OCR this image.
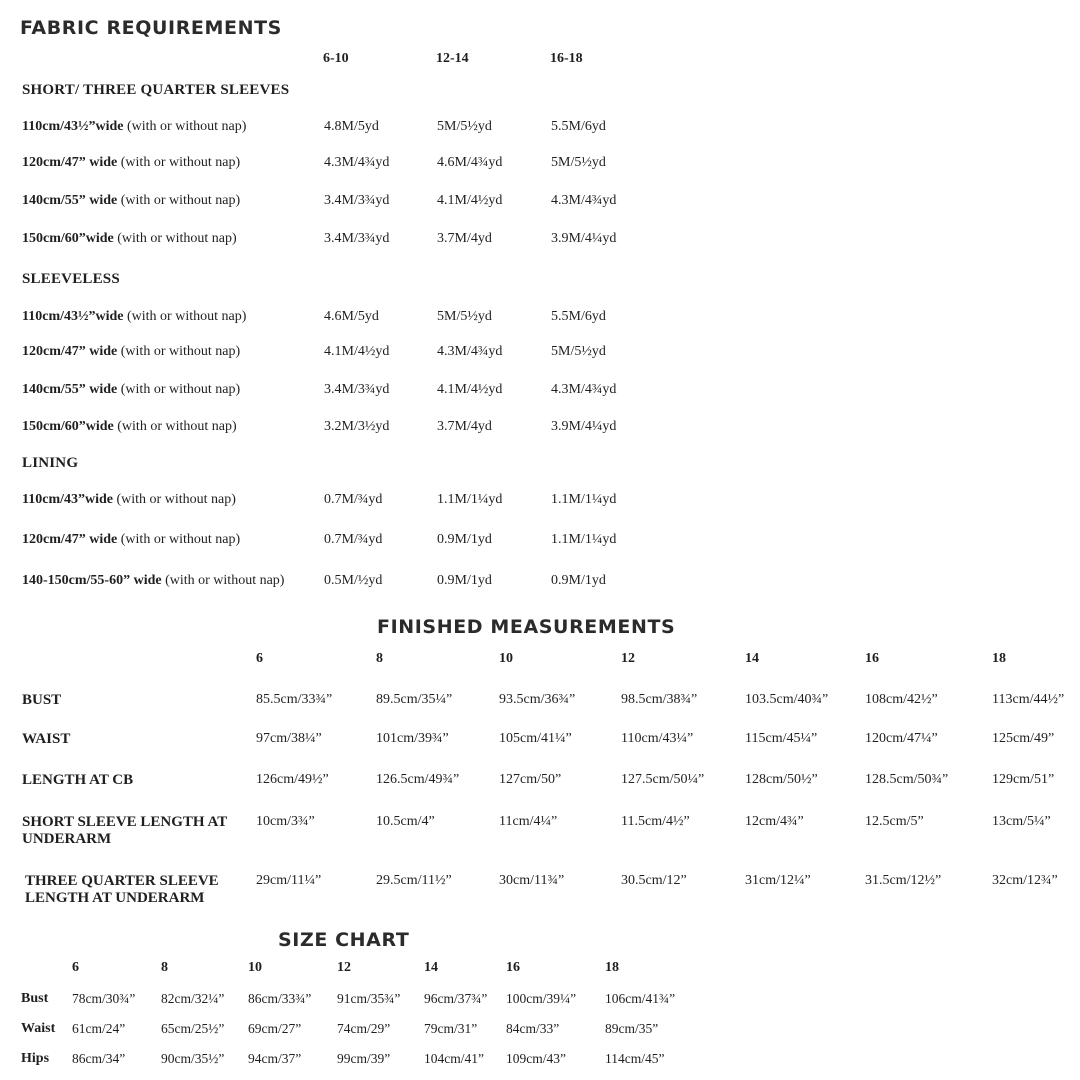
FABRIC REQUIREMENTS
6-10	12-14	16-18
SHORT/ THREE QUARTER SLEEVES
110cm/43½”wide (with or without nap)	4.8M/5yd	5M/5½yd	5.5M/6yd
120cm/47” wide (with or without nap)	4.3M/4¾yd	4.6M/4¾yd	5M/5½yd
140cm/55” wide (with or without nap)	3.4M/3¾yd	4.1M/4½yd	4.3M/4¾yd
150cm/60”wide (with or without nap)	3.4M/3¾yd	3.7M/4yd	3.9M/4¼yd
SLEEVELESS
110cm/43½”wide (with or without nap)	4.6M/5yd	5M/5½yd	5.5M/6yd
120cm/47” wide (with or without nap)	4.1M/4½yd	4.3M/4¾yd	5M/5½yd
140cm/55” wide (with or without nap)	3.4M/3¾yd	4.1M/4½yd	4.3M/4¾yd
150cm/60”wide (with or without nap)	3.2M/3½yd	3.7M/4yd	3.9M/4¼yd
LINING
110cm/43”wide (with or without nap)	0.7M/¾yd	1.1M/1¼yd	1.1M/1¼yd
120cm/47” wide (with or without nap)	0.7M/¾yd	0.9M/1yd	1.1M/1¼yd
140-150cm/55-60” wide (with or without nap)	0.5M/½yd	0.9M/1yd	0.9M/1yd
FINISHED MEASUREMENTS
6	8	10	12	14	16	18
BUST	85.5cm/33¾”	89.5cm/35¼”	93.5cm/36¾”	98.5cm/38¾”	103.5cm/40¾”	108cm/42½”	113cm/44½”
WAIST	97cm/38¼”	101cm/39¾”	105cm/41¼”	110cm/43¼”	115cm/45¼”	120cm/47¼”	125cm/49”
LENGTH AT CB	126cm/49½”	126.5cm/49¾”	127cm/50”	127.5cm/50¼”	128cm/50½”	128.5cm/50¾”	129cm/51”
SHORT SLEEVE LENGTH AT
UNDERARM
10cm/3¾”	10.5cm/4”	11cm/4¼”	11.5cm/4½”	12cm/4¾”	12.5cm/5”	13cm/5¼”
THREE QUARTER SLEEVE
LENGTH AT UNDERARM
29cm/11¼”	29.5cm/11½”	30cm/11¾”	30.5cm/12”	31cm/12¼”	31.5cm/12½”	32cm/12¾”
SIZE CHART
6	8	10	12	14	16	18
Bust 78cm/30¾” 82cm/32¼” 86cm/33¾” 91cm/35¾” 96cm/37¾” 100cm/39¼” 106cm/41¾”
Waist 61cm/24”	65cm/25½” 69cm/27”	74cm/29”	79cm/31” 84cm/33”	89cm/35”
Hips 86cm/34”	90cm/35½” 94cm/37”	99cm/39”	104cm/41” 109cm/43”	114cm/45”
